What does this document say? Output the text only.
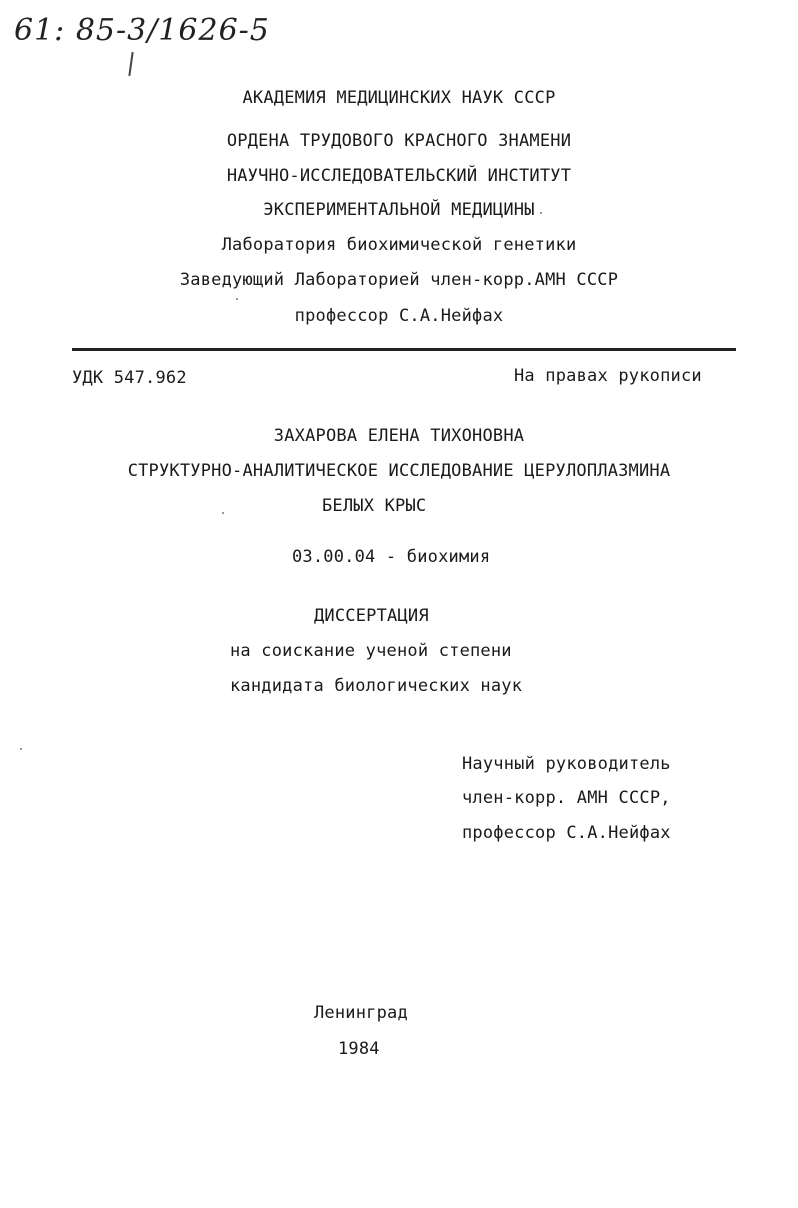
61: 85-3/1626-5
АКАДЕМИЯ МЕДИЦИНСКИХ НАУК СССР
ОРДЕНА ТРУДОВОГО КРАСНОГО ЗНАМЕНИ
НАУЧНО-ИССЛЕДОВАТЕЛЬСКИЙ ИНСТИТУТ
ЭКСПЕРИМЕНТАЛЬНОЙ МЕДИЦИНЫ
Лаборатория биохимической генетики
Заведующий Лабораторией член-корр.АМН СССР
профессор С.А.Нейфах
УДК 547.962	На правах рукописи
ЗАХАРОВА ЕЛЕНА ТИХОНОВНА
СТРУКТУРНО-АНАЛИТИЧЕСКОЕ ИССЛЕДОВАНИЕ ЦЕРУЛОПЛАЗМИНА
БЕЛЫХ КРЫС
03.00.04 - биохимия
ДИССЕРТАЦИЯ
на соискание ученой степени
кандидата биологических наук
Научный руководитель
член-корр. АМН СССР,
профессор С.А.Нейфах
Ленинград
1984
